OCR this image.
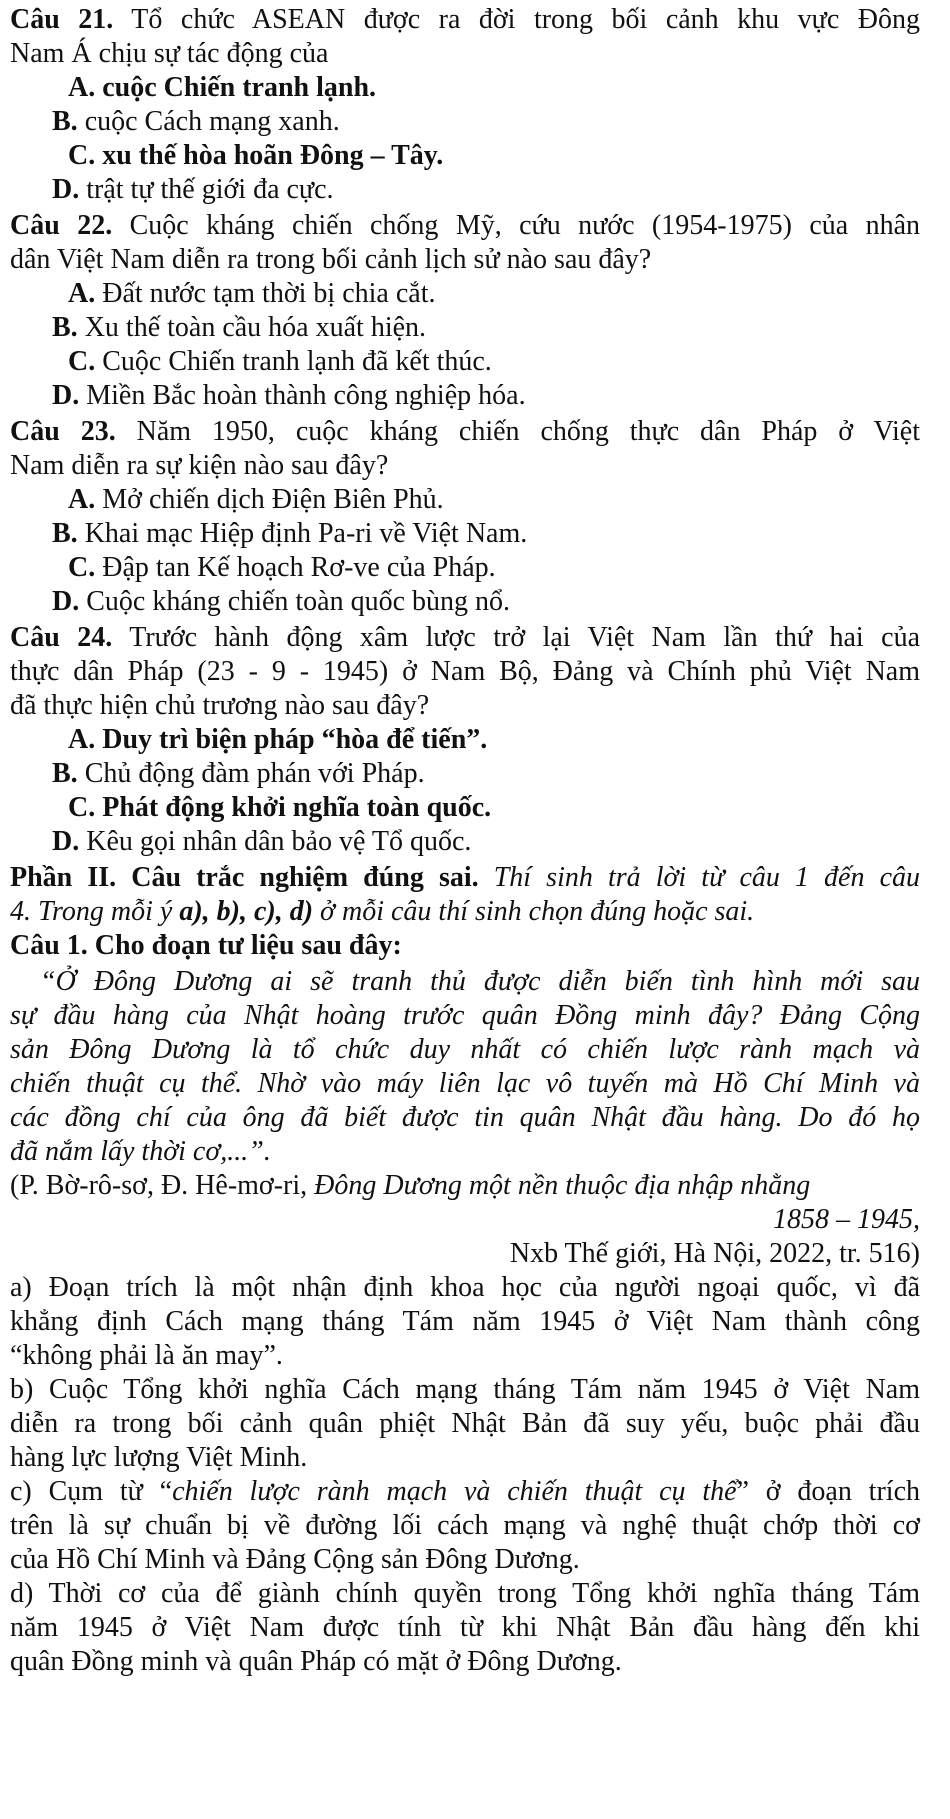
Câu 21. Tổ chức ASEAN được ra đời trong bối cảnh khu vực Đông
Nam Á chịu sự tác động của
A. cuộc Chiến tranh lạnh.
B. cuộc Cách mạng xanh.
C. xu thế hòa hoãn Đông – Tây.
D. trật tự thế giới đa cực.
Câu 22. Cuộc kháng chiến chống Mỹ, cứu nước (1954-1975) của nhân
dân Việt Nam diễn ra trong bối cảnh lịch sử nào sau đây?
A. Đất nước tạm thời bị chia cắt.
B. Xu thế toàn cầu hóa xuất hiện.
C. Cuộc Chiến tranh lạnh đã kết thúc.
D. Miền Bắc hoàn thành công nghiệp hóa.
Câu 23. Năm 1950, cuộc kháng chiến chống thực dân Pháp ở Việt
Nam diễn ra sự kiện nào sau đây?
A. Mở chiến dịch Điện Biên Phủ.
B. Khai mạc Hiệp định Pa-ri về Việt Nam.
C. Đập tan Kế hoạch Rơ-ve của Pháp.
D. Cuộc kháng chiến toàn quốc bùng nổ.
Câu 24. Trước hành động xâm lược trở lại Việt Nam lần thứ hai của
thực dân Pháp (23 - 9 - 1945) ở Nam Bộ, Đảng và Chính phủ Việt Nam
đã thực hiện chủ trương nào sau đây?
A. Duy trì biện pháp “hòa để tiến”.
B. Chủ động đàm phán với Pháp.
C. Phát động khởi nghĩa toàn quốc.
D. Kêu gọi nhân dân bảo vệ Tổ quốc.
Phần II. Câu trắc nghiệm đúng sai. Thí sinh trả lời từ câu 1 đến câu
4. Trong mỗi ý a), b), c), d) ở mỗi câu thí sinh chọn đúng hoặc sai.
Câu 1. Cho đoạn tư liệu sau đây:
“Ở Đông Dương ai sẽ tranh thủ được diễn biến tình hình mới sau
sự đầu hàng của Nhật hoàng trước quân Đồng minh đây? Đảng Cộng
sản Đông Dương là tổ chức duy nhất có chiến lược rành mạch và
chiến thuật cụ thể. Nhờ vào máy liên lạc vô tuyến mà Hồ Chí Minh và
các đồng chí của ông đã biết được tin quân Nhật đầu hàng. Do đó họ
đã nắm lấy thời cơ,...”.
(P. Bờ-rô-sơ, Đ. Hê-mơ-ri, Đông Dương một nền thuộc địa nhập nhằng
1858 – 1945,
Nxb Thế giới, Hà Nội, 2022, tr. 516)
a) Đoạn trích là một nhận định khoa học của người ngoại quốc, vì đã
khẳng định Cách mạng tháng Tám năm 1945 ở Việt Nam thành công
“không phải là ăn may”.
b) Cuộc Tổng khởi nghĩa Cách mạng tháng Tám năm 1945 ở Việt Nam
diễn ra trong bối cảnh quân phiệt Nhật Bản đã suy yếu, buộc phải đầu
hàng lực lượng Việt Minh.
c) Cụm từ “chiến lược rành mạch và chiến thuật cụ thể” ở đoạn trích
trên là sự chuẩn bị về đường lối cách mạng và nghệ thuật chớp thời cơ
của Hồ Chí Minh và Đảng Cộng sản Đông Dương.
d) Thời cơ của để giành chính quyền trong Tổng khởi nghĩa tháng Tám
năm 1945 ở Việt Nam được tính từ khi Nhật Bản đầu hàng đến khi
quân Đồng minh và quân Pháp có mặt ở Đông Dương.
